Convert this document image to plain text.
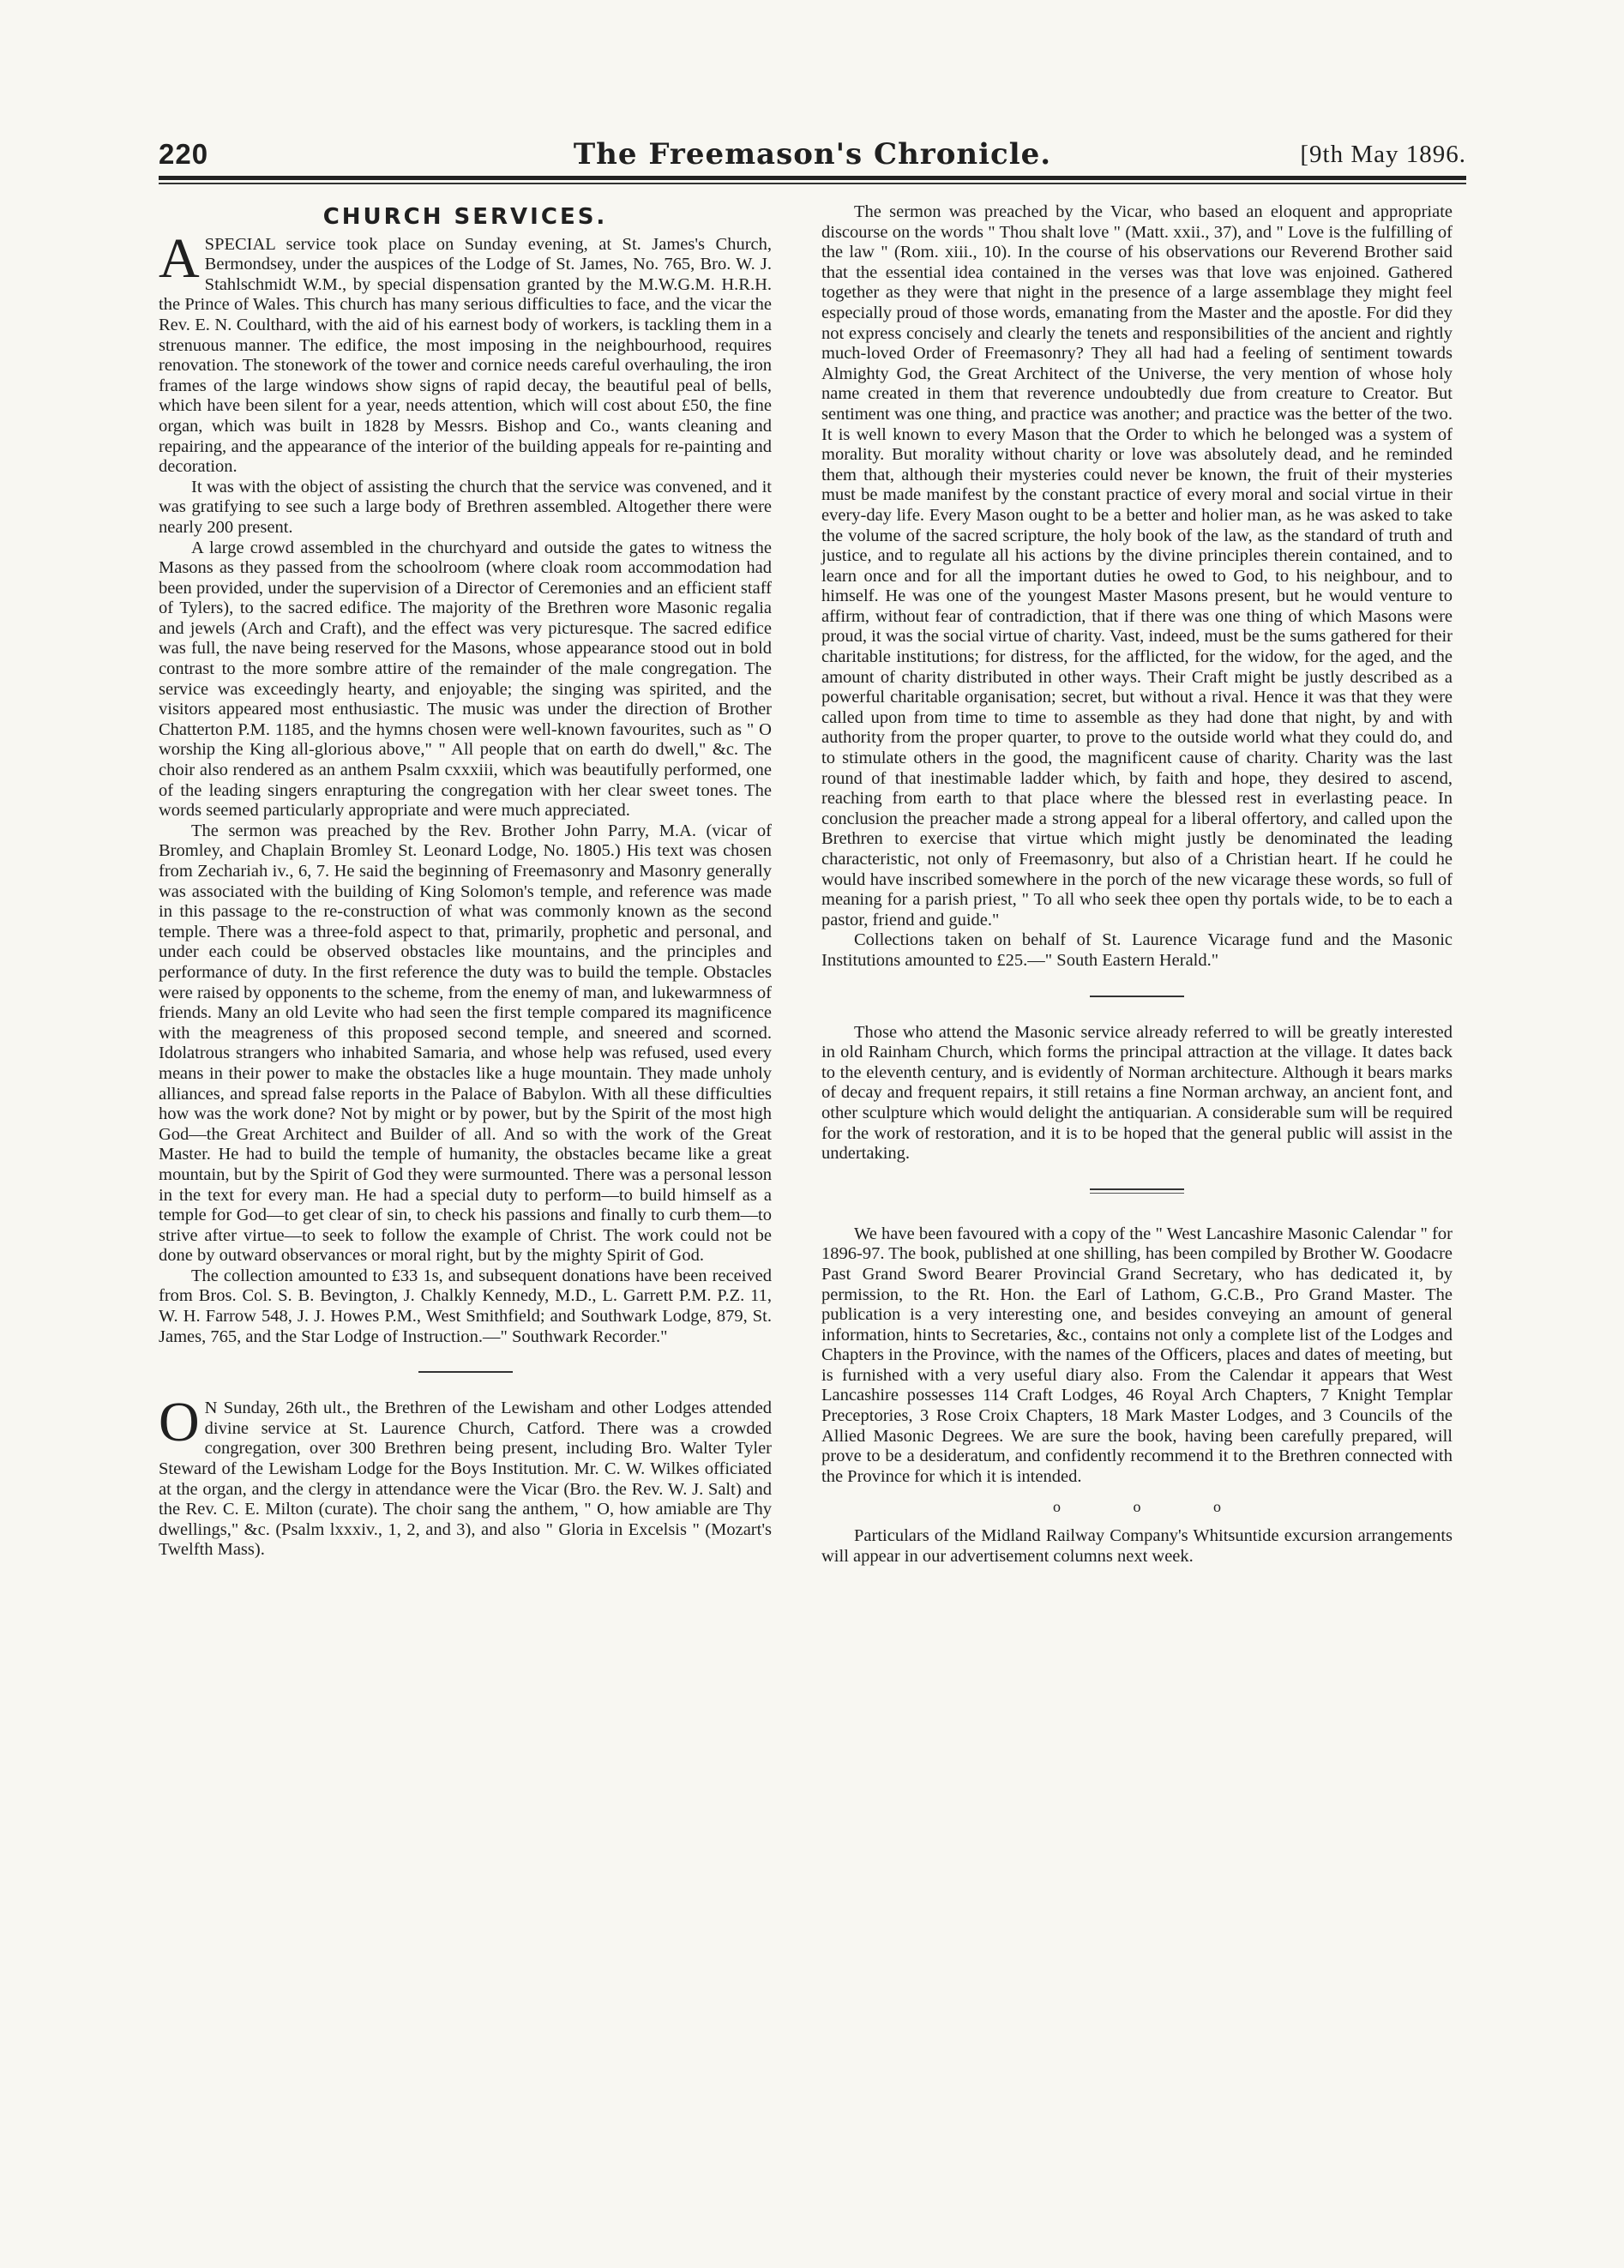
220	The Freemason's Chronicle.	[9th May 1896.
CHURCH SERVICES.

ASPECIAL service took place on Sunday evening, at St. James's Church, Bermondsey, under the auspices of the Lodge of St. James, No. 765, Bro. W. J. Stahlschmidt W.M., by special dispensation granted by the M.W.G.M. H.R.H. the Prince of Wales. This church has many serious difficulties to face, and the vicar the Rev. E. N. Coulthard, with the aid of his earnest body of workers, is tackling them in a strenuous manner. The edifice, the most imposing in the neighbourhood, requires renovation. The stonework of the tower and cornice needs careful overhauling, the iron frames of the large windows show signs of rapid decay, the beautiful peal of bells, which have been silent for a year, needs attention, which will cost about £50, the fine organ, which was built in 1828 by Messrs. Bishop and Co., wants cleaning and repairing, and the appearance of the interior of the building appeals for re-painting and decoration.

It was with the object of assisting the church that the service was convened, and it was gratifying to see such a large body of Brethren assembled. Altogether there were nearly 200 present.

A large crowd assembled in the churchyard and outside the gates to witness the Masons as they passed from the schoolroom (where cloak room accommodation had been provided, under the supervision of a Director of Ceremonies and an efficient staff of Tylers), to the sacred edifice. The majority of the Brethren wore Masonic regalia and jewels (Arch and Craft), and the effect was very picturesque. The sacred edifice was full, the nave being reserved for the Masons, whose appearance stood out in bold contrast to the more sombre attire of the remainder of the male congregation. The service was exceedingly hearty, and enjoyable; the singing was spirited, and the visitors appeared most enthusiastic. The music was under the direction of Brother Chatterton P.M. 1185, and the hymns chosen were well-known favourites, such as " O worship the King all-glorious above," " All people that on earth do dwell," &c. The choir also rendered as an anthem Psalm cxxxiii, which was beautifully performed, one of the leading singers enrapturing the congregation with her clear sweet tones. The words seemed particularly appropriate and were much appreciated.

The sermon was preached by the Rev. Brother John Parry, M.A. (vicar of Bromley, and Chaplain Bromley St. Leonard Lodge, No. 1805.) His text was chosen from Zechariah iv., 6, 7. He said the beginning of Freemasonry and Masonry generally was associated with the building of King Solomon's temple, and reference was made in this passage to the re-construction of what was commonly known as the second temple. There was a three-fold aspect to that, primarily, prophetic and personal, and under each could be observed obstacles like mountains, and the principles and performance of duty. In the first reference the duty was to build the temple. Obstacles were raised by opponents to the scheme, from the enemy of man, and lukewarmness of friends. Many an old Levite who had seen the first temple compared its magnificence with the meagreness of this proposed second temple, and sneered and scorned. Idolatrous strangers who inhabited Samaria, and whose help was refused, used every means in their power to make the obstacles like a huge mountain. They made unholy alliances, and spread false reports in the Palace of Babylon. With all these difficulties how was the work done? Not by might or by power, but by the Spirit of the most high God—the Great Architect and Builder of all. And so with the work of the Great Master. He had to build the temple of humanity, the obstacles became like a great mountain, but by the Spirit of God they were surmounted. There was a personal lesson in the text for every man. He had a special duty to perform—to build himself as a temple for God—to get clear of sin, to check his passions and finally to curb them—to strive after virtue—to seek to follow the example of Christ. The work could not be done by outward observances or moral right, but by the mighty Spirit of God.

The collection amounted to £33 1s, and subsequent donations have been received from Bros. Col. S. B. Bevington, J. Chalkly Kennedy, M.D., L. Garrett P.M. P.Z. 11, W. H. Farrow 548, J. J. Howes P.M., West Smithfield; and Southwark Lodge, 879, St. James, 765, and the Star Lodge of Instruction.—" Southwark Recorder."

O N Sunday, 26th ult., the Brethren of the Lewisham and other Lodges attended divine service at St. Laurence Church, Catford. There was a crowded congregation, over 300 Brethren being present, including Bro. Walter Tyler Steward of the Lewisham Lodge for the Boys Institution. Mr. C. W. Wilkes officiated at the organ, and the clergy in attendance were the Vicar (Bro. the Rev. W. J. Salt) and the Rev. C. E. Milton (curate). The choir sang the anthem, " O, how amiable are Thy dwellings," &c. (Psalm lxxxiv., 1, 2, and 3), and also " Gloria in Excelsis " (Mozart's Twelfth Mass).

The sermon was preached by the Vicar, who based an eloquent and appropriate discourse on the words " Thou shalt love " (Matt. xxii., 37), and " Love is the fulfilling of the law " (Rom. xiii., 10). In the course of his observations our Reverend Brother said that the essential idea contained in the verses was that love was enjoined. Gathered together as they were that night in the presence of a large assemblage they might feel especially proud of those words, emanating from the Master and the apostle. For did they not express concisely and clearly the tenets and responsibilities of the ancient and rightly much-loved Order of Freemasonry? They all had had a feeling of sentiment towards Almighty God, the Great Architect of the Universe, the very mention of whose holy name created in them that reverence undoubtedly due from creature to Creator. But sentiment was one thing, and practice was another; and practice was the better of the two. It is well known to every Mason that the Order to which he belonged was a system of morality. But morality without charity or love was absolutely dead, and he reminded them that, although their mysteries could never be known, the fruit of their mysteries must be made manifest by the constant practice of every moral and social virtue in their every-day life. Every Mason ought to be a better and holier man, as he was asked to take the volume of the sacred scripture, the holy book of the law, as the standard of truth and justice, and to regulate all his actions by the divine principles therein contained, and to learn once and for all the important duties he owed to God, to his neighbour, and to himself. He was one of the youngest Master Masons present, but he would venture to affirm, without fear of contradiction, that if there was one thing of which Masons were proud, it was the social virtue of charity. Vast, indeed, must be the sums gathered for their charitable institutions; for distress, for the afflicted, for the widow, for the aged, and the amount of charity distributed in other ways. Their Craft might be justly described as a powerful charitable organisation; secret, but without a rival. Hence it was that they were called upon from time to time to assemble as they had done that night, by and with authority from the proper quarter, to prove to the outside world what they could do, and to stimulate others in the good, the magnificent cause of charity. Charity was the last round of that inestimable ladder which, by faith and hope, they desired to ascend, reaching from earth to that place where the blessed rest in everlasting peace. In conclusion the preacher made a strong appeal for a liberal offertory, and called upon the Brethren to exercise that virtue which might justly be denominated the leading characteristic, not only of Freemasonry, but also of a Christian heart. If he could he would have inscribed somewhere in the porch of the new vicarage these words, so full of meaning for a parish priest, " To all who seek thee open thy portals wide, to be to each a pastor, friend and guide."

Collections taken on behalf of St. Laurence Vicarage fund and the Masonic Institutions amounted to £25.—" South Eastern Herald."

Those who attend the Masonic service already referred to will be greatly interested in old Rainham Church, which forms the principal attraction at the village. It dates back to the eleventh century, and is evidently of Norman architecture. Although it bears marks of decay and frequent repairs, it still retains a fine Norman archway, an ancient font, and other sculpture which would delight the antiquarian. A considerable sum will be required for the work of restoration, and it is to be hoped that the general public will assist in the undertaking.

We have been favoured with a copy of the " West Lancashire Masonic Calendar " for 1896-97. The book, published at one shilling, has been compiled by Brother W. Goodacre Past Grand Sword Bearer Provincial Grand Secretary, who has dedicated it, by permission, to the Rt. Hon. the Earl of Lathom, G.C.B., Pro Grand Master. The publication is a very interesting one, and besides conveying an amount of general information, hints to Secretaries, &c., contains not only a complete list of the Lodges and Chapters in the Province, with the names of the Officers, places and dates of meeting, but is furnished with a very useful diary also. From the Calendar it appears that West Lancashire possesses 114 Craft Lodges, 46 Royal Arch Chapters, 7 Knight Templar Preceptories, 3 Rose Croix Chapters, 18 Mark Master Lodges, and 3 Councils of the Allied Masonic Degrees. We are sure the book, having been carefully prepared, will prove to be a desideratum, and confidently recommend it to the Brethren connected with the Province for which it is intended.

o o o

Particulars of the Midland Railway Company's Whitsuntide excursion arrangements will appear in our advertisement columns next week.
